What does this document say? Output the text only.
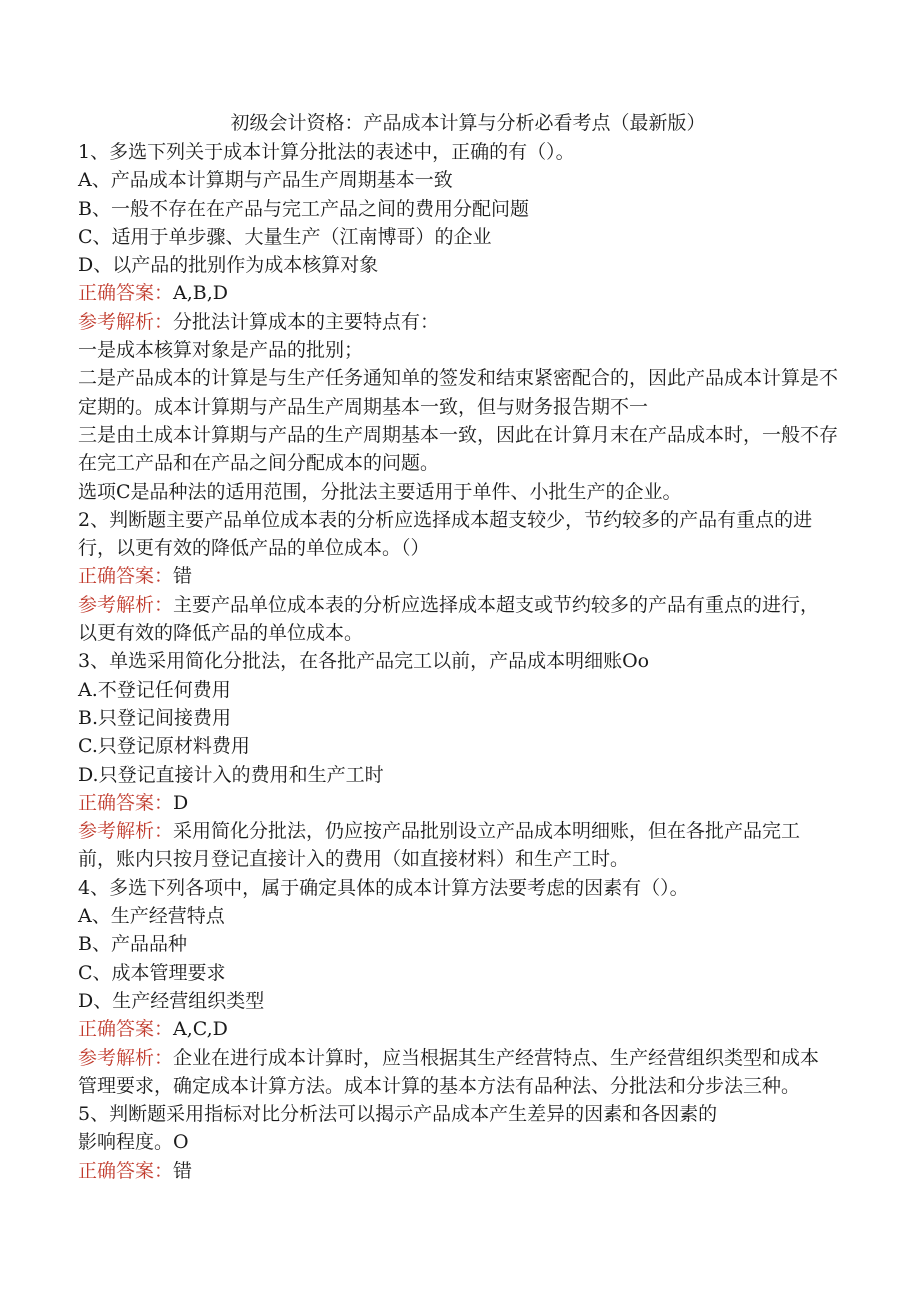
初级会计资格：产品成本计算与分析必看考点（最新版）

1、多选下列关于成本计算分批法的表述中，正确的有（）。

A、产品成本计算期与产品生产周期基本一致

B、一般不存在在产品与完工产品之间的费用分配问题

C、适用于单步骤、大量生产（江南博哥）的企业

D、以产品的批别作为成本核算对象

正确答案：A,B,D

参考解析：分批法计算成本的主要特点有：

一是成本核算对象是产品的批别；

二是产品成本的计算是与生产任务通知单的签发和结束紧密配合的，因此产品成本计算是不定期的。成本计算期与产品生产周期基本一致，但与财务报告期不一

三是由土成本计算期与产品的生产周期基本一致，因此在计算月末在产品成本时，一般不存在完工产品和在产品之间分配成本的问题。

选项C是品种法的适用范围，分批法主要适用于单件、小批生产的企业。

2、判断题主要产品单位成本表的分析应选择成本超支较少，节约较多的产品有重点的进行，以更有效的降低产品的单位成本。（）

正确答案：错

参考解析：主要产品单位成本表的分析应选择成本超支或节约较多的产品有重点的进行，以更有效的降低产品的单位成本。

3、单选采用简化分批法，在各批产品完工以前，产品成本明细账Oo

A.不登记任何费用

B.只登记间接费用

C.只登记原材料费用

D.只登记直接计入的费用和生产工时

正确答案：D

参考解析：采用简化分批法，仍应按产品批别设立产品成本明细账，但在各批产品完工前，账内只按月登记直接计入的费用（如直接材料）和生产工时。

4、多选下列各项中，属于确定具体的成本计算方法要考虑的因素有（）。

A、生产经营特点

B、产品品种

C、成本管理要求

D、生产经营组织类型

正确答案：A,C,D

参考解析：企业在进行成本计算时，应当根据其生产经营特点、生产经营组织类型和成本管理要求，确定成本计算方法。成本计算的基本方法有品种法、分批法和分步法三种。

5、判断题采用指标对比分析法可以揭示产品成本产生差异的因素和各因素的

影响程度。O

正确答案：错
